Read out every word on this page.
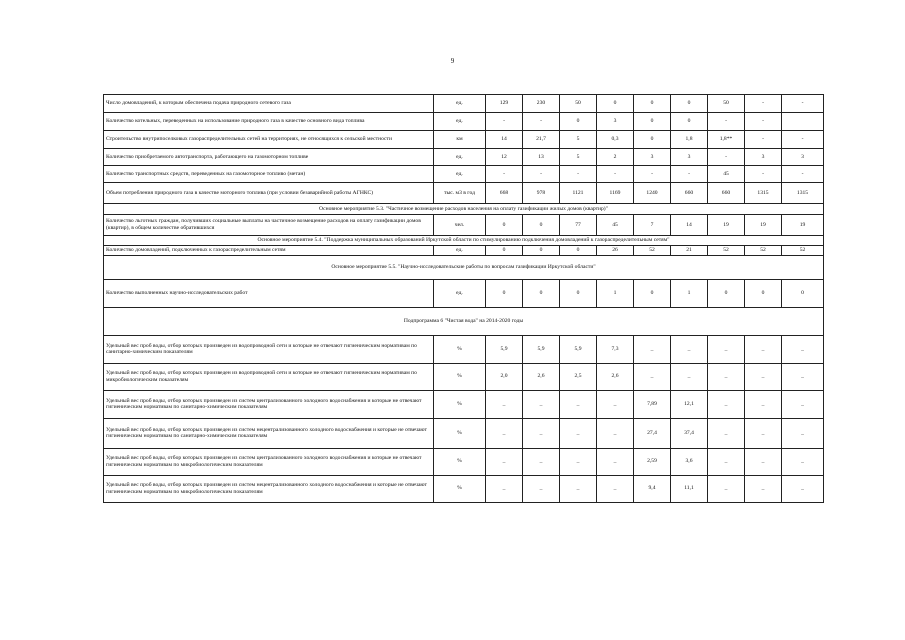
9
Число домовладений, к которым обеспечена подача природного сетевого газа	ед.	129	230	50	0	0	0	50	-	-
Количество котельных, переведенных на использование природного газа в качестве основного вида топлива	ед.	-	-	0	3	0	0	-	-	
Строительство внутрипоселковых газораспределительных сетей на территориях, не относящихся к сельской местности	км	14	21,7	5	0,3	0	1,8	1,8**	-	-
Количество приобретаемого автотранспорта, работающего на газомоторном топливе	ед.	12	13	5	2	3	3	-	3	3
Количество транспортных средств, переведенных на газомоторное топливо (метан)	ед.	-	-	-	-	-	-	45	-	-
Объем потребления природного газа в качестве моторного топлива (при условии безаварийной работы АГНКС)	тыс. м3 в год	668	978	1121	1169	1240	660	660	1315	1315
Основное мероприятие 5.3. "Частичное возмещение расходов населения на оплату газификации жилых домов (квартир)"										
Количество льготных граждан, получивших социальные выплаты на частичное возмещение расходов на оплату газификации домов (квартир), в общем количестве обратившихся	чел.	0	0	77	45	7	14	19	19	19
Основное мероприятие 5.4. "Поддержка муниципальных образований Иркутской области по стимулированию подключения домовладений к газораспределительным сетям"										
Количество домовладений, подключенных к газораспределительным сетям	ед.	0	0	0	26	52	21	52	52	52
Основное мероприятие 5.5. "Научно-исследовательские работы по вопросам газификации Иркутской области"										
Количество выполненных научно-исследовательских работ	ед.	0	0	0	1	0	1	0	0	0
Подпрограмма 6 "Чистая вода" на 2014-2020 годы										
Удельный вес проб воды, отбор которых произведен из водопроводной сети и которые не отвечают гигиеническим нормативам по санитарно-химическим показателям	%	5,9	5,9	5,9	7,3	_	_	_	_	_
Удельный вес проб воды, отбор которых произведен из водопроводной сети и которые не отвечают гигиеническим нормативам по микробиологическим показателям	%	2,0	2,6	2,5	2,6	_	_	_	_	_
Удельный вес проб воды, отбор которых произведен из систем централизованного холодного водоснабжения и которые не отвечают гигиеническим нормативам по санитарно-химическим показателям	%	_	_	_	_	7,89	12,1	_	_	_
Удельный вес проб воды, отбор которых произведен из систем нецентрализованного холодного водоснабжения и которые не отвечают гигиеническим нормативам по санитарно-химическим показателям	%	_	_	_	_	27,4	37,4	_	_	_
Удельный вес проб воды, отбор которых произведен из систем централизованного холодного водоснабжения и которые не отвечают гигиеническим нормативам по микробиологическим показателям	%	_	_	_	_	2,59	3,6	_	_	_
Удельный вес проб воды, отбор которых произведен из систем нецентрализованного холодного водоснабжения и которые не отвечают гигиеническим нормативам по микробиологическим показателям	%	_	_	_	_	9,4	11,1	_	_	_
